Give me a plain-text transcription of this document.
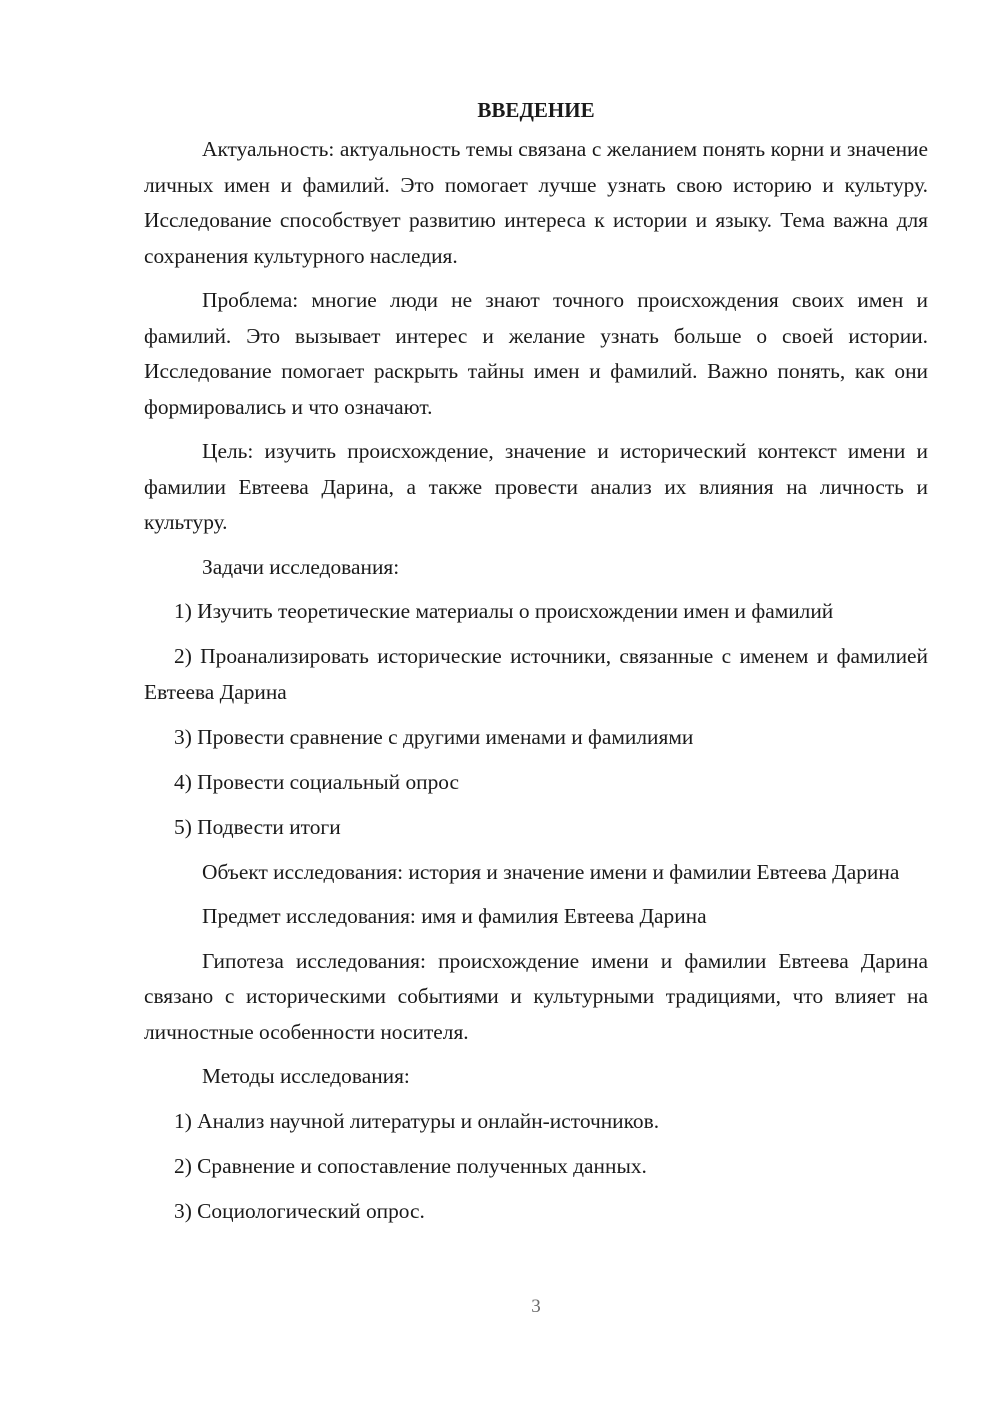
ВВЕДЕНИЕ

Актуальность: актуальность темы связана с желанием понять корни и значение личных имен и фамилий. Это помогает лучше узнать свою историю и культуру. Исследование способствует развитию интереса к истории и языку. Тема важна для сохранения культурного наследия.

Проблема: многие люди не знают точного происхождения своих имен и фамилий. Это вызывает интерес и желание узнать больше о своей истории. Исследование помогает раскрыть тайны имен и фамилий. Важно понять, как они формировались и что означают.

Цель: изучить происхождение, значение и исторический контекст имени и фамилии Евтеева Дарина, а также провести анализ их влияния на личность и культуру.

Задачи исследования:

1) Изучить теоретические материалы о происхождении имен и фамилий

2) Проанализировать исторические источники, связанные с именем и фамилией Евтеева Дарина

3) Провести сравнение с другими именами и фамилиями

4) Провести социальный опрос

5) Подвести итоги

Объект исследования: история и значение имени и фамилии Евтеева Дарина

Предмет исследования: имя и фамилия Евтеева Дарина

Гипотеза исследования: происхождение имени и фамилии Евтеева Дарина связано с историческими событиями и культурными традициями, что влияет на личностные особенности носителя.

Методы исследования:

1) Анализ научной литературы и онлайн-источников.

2) Сравнение и сопоставление полученных данных.

3) Социологический опрос.

3
